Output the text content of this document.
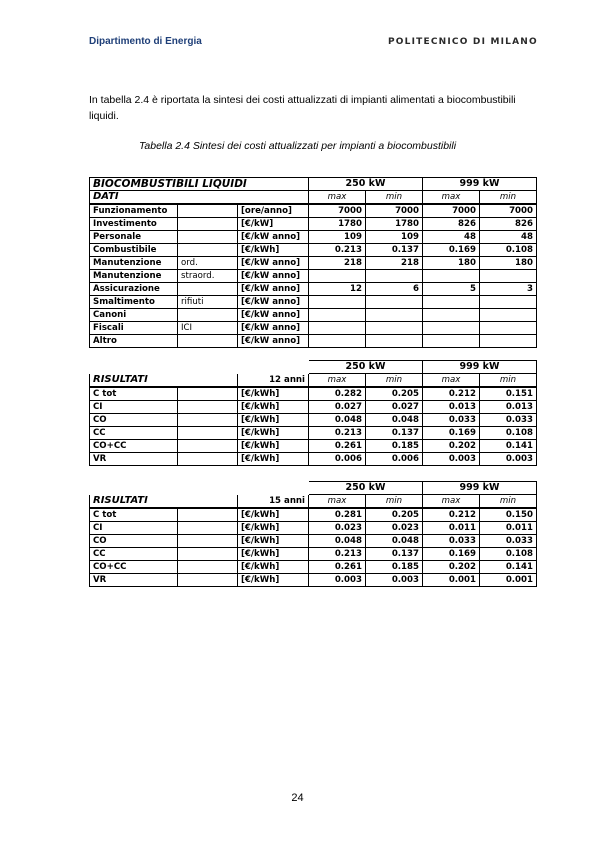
Dipartimento di Energia	POLITECNICO DI MILANO
In tabella 2.4 è riportata la sintesi dei costi attualizzati di impianti alimentati a biocombustibili liquidi.
Tabella 2.4 Sintesi dei costi attualizzati per impianti a biocombustibili
BIOCOMBUSTIBILI LIQUIDI			250 kW		999 kW	
DATI			max	min	max	min
Funzionamento		[ore/anno]	7000	7000	7000	7000
Investimento		[€/kW]	1780	1780	826	826
Personale		[€/kW anno]	109	109	48	48
Combustibile		[€/kWh]	0.213	0.137	0.169	0.108
Manutenzione	ord.	[€/kW anno]	218	218	180	180
Manutenzione	straord.	[€/kW anno]				
Assicurazione		[€/kW anno]	12	6	5	3
Smaltimento	rifiuti	[€/kW anno]				
Canoni		[€/kW anno]				
Fiscali	ICI	[€/kW anno]				
Altro		[€/kW anno]				
			250 kW		999 kW	
RISULTATI		12 anni	max	min	max	min
C tot		[€/kWh]	0.282	0.205	0.212	0.151
CI		[€/kWh]	0.027	0.027	0.013	0.013
CO		[€/kWh]	0.048	0.048	0.033	0.033
CC		[€/kWh]	0.213	0.137	0.169	0.108
CO+CC		[€/kWh]	0.261	0.185	0.202	0.141
VR		[€/kWh]	0.006	0.006	0.003	0.003
			250 kW		999 kW	
RISULTATI		15 anni	max	min	max	min
C tot		[€/kWh]	0.281	0.205	0.212	0.150
CI		[€/kWh]	0.023	0.023	0.011	0.011
CO		[€/kWh]	0.048	0.048	0.033	0.033
CC		[€/kWh]	0.213	0.137	0.169	0.108
CO+CC		[€/kWh]	0.261	0.185	0.202	0.141
VR		[€/kWh]	0.003	0.003	0.001	0.001
24
